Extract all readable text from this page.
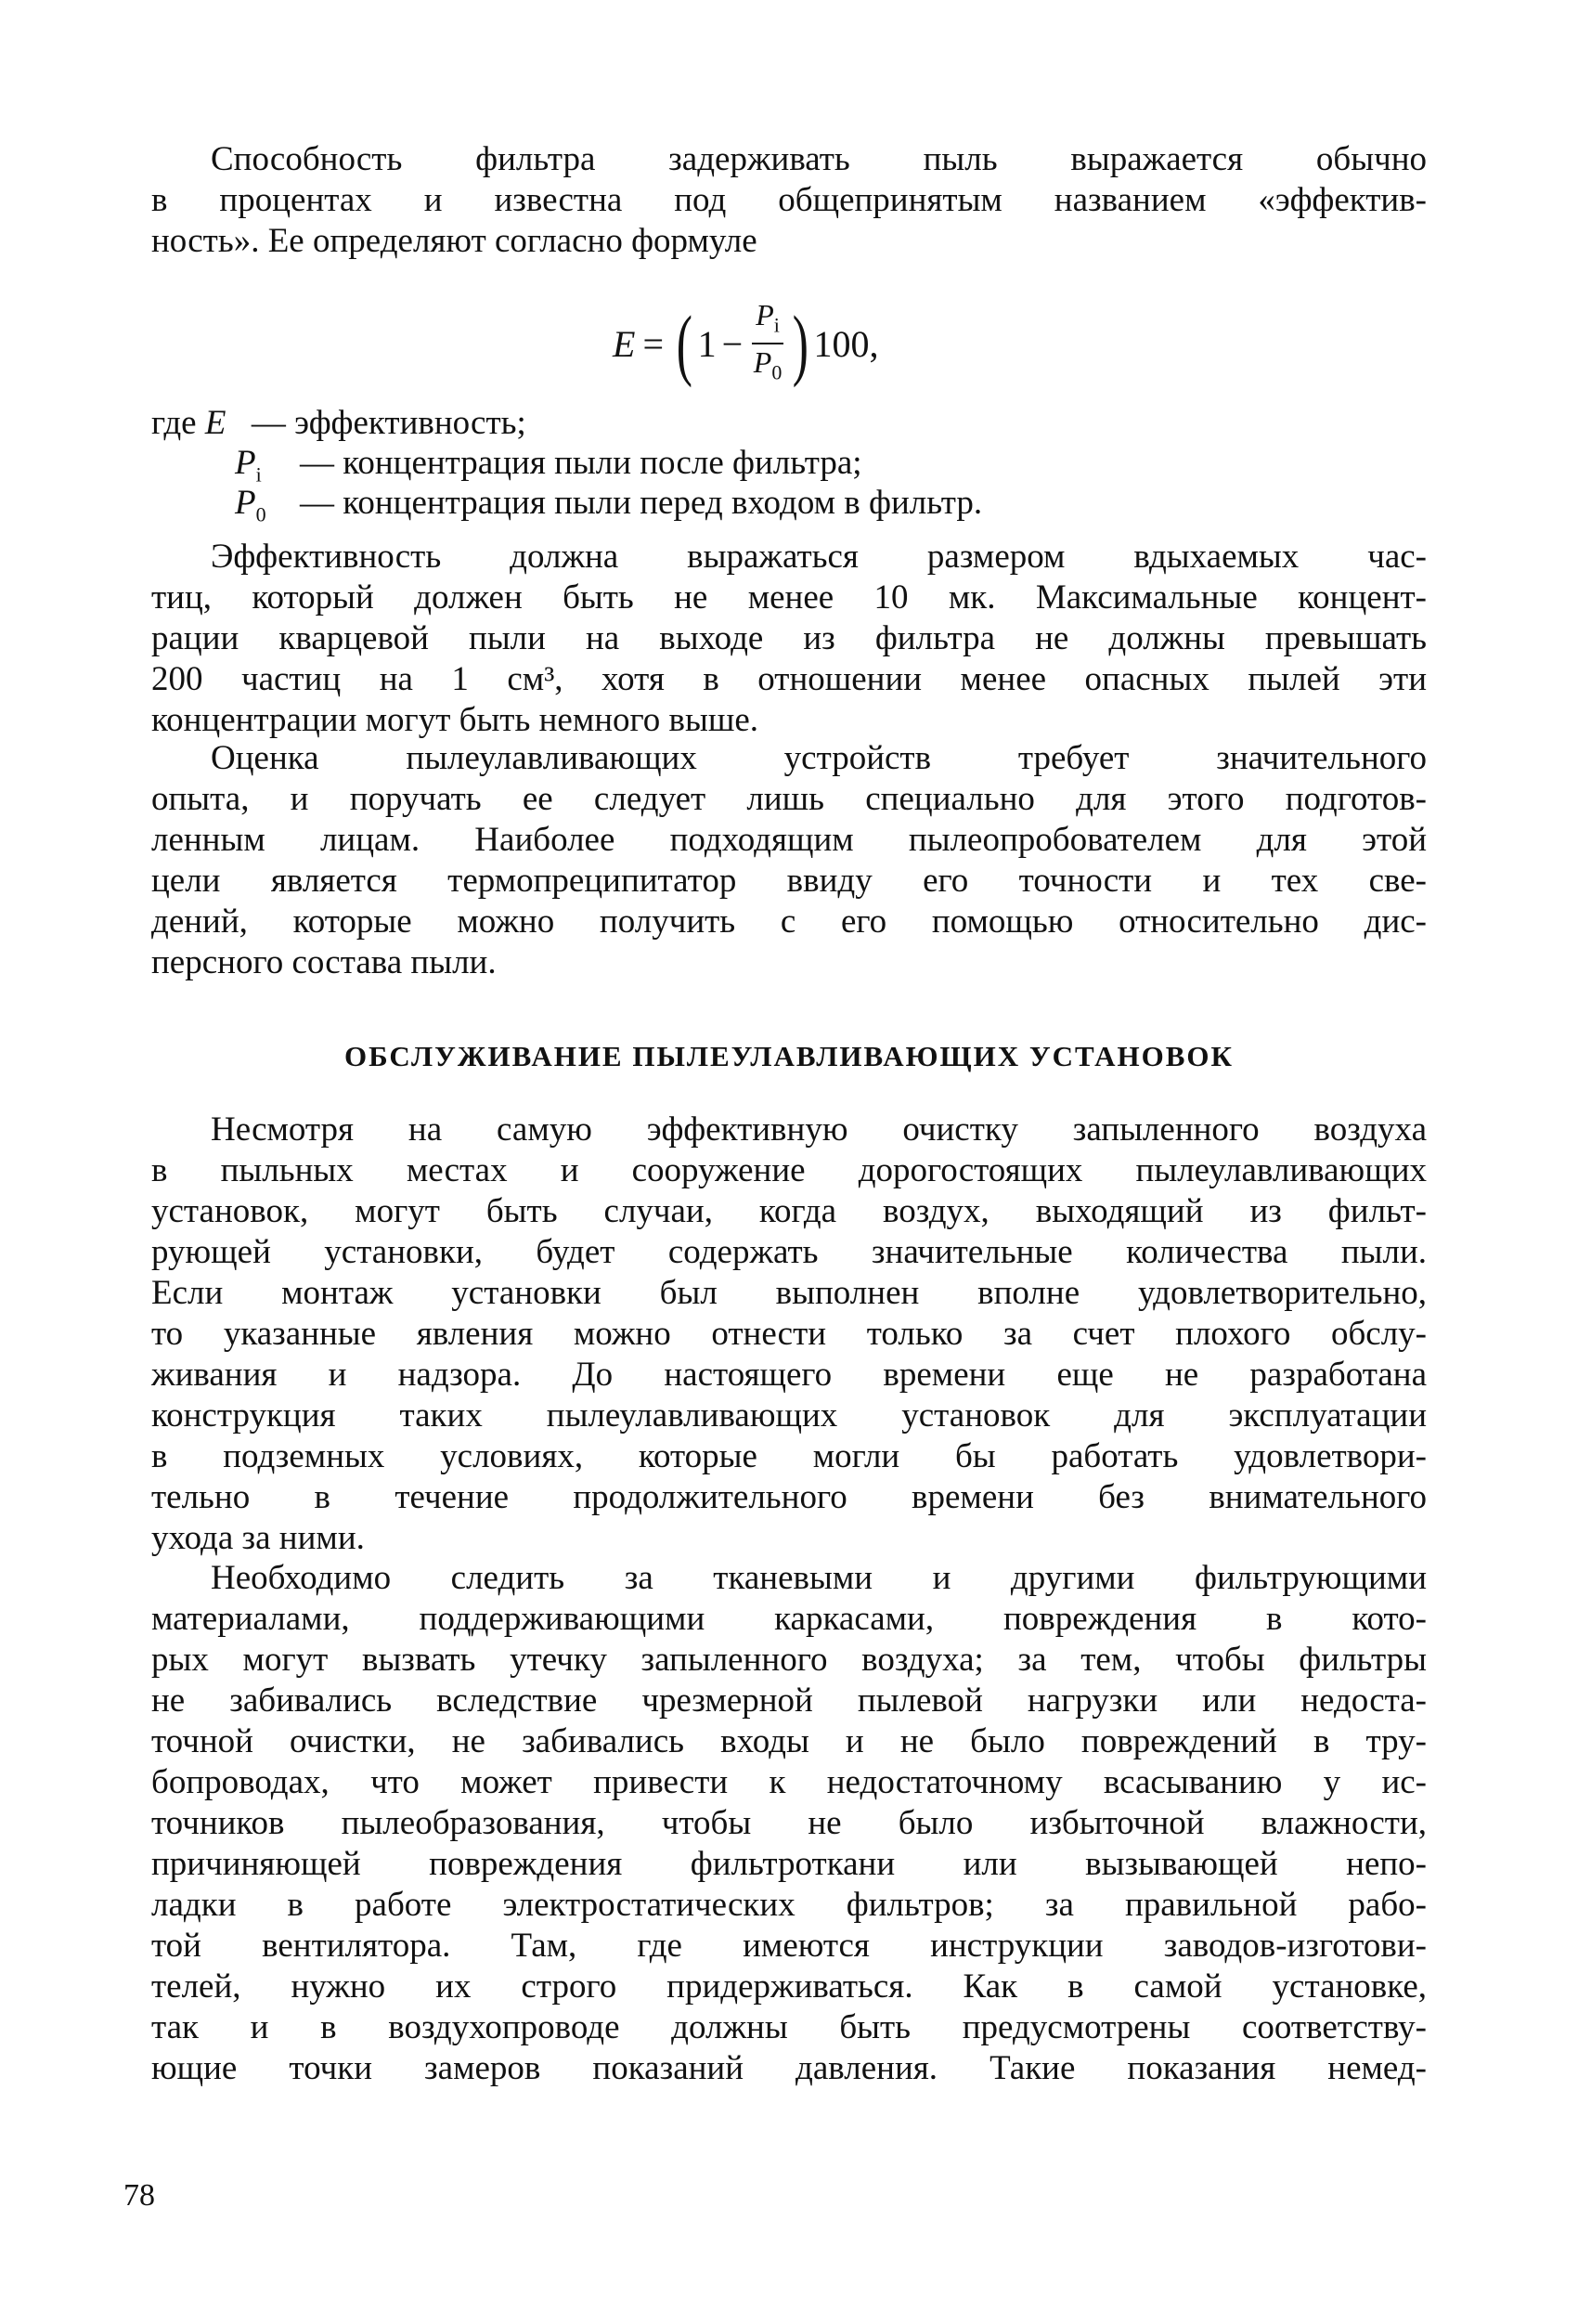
Способность фильтра задерживать пыль выражается обычно
в процентах и известна под общепринятым названием «эффектив-
ность». Ее определяют согласно формуле
E = ( $1 - \frac{P_i}{P_0}$ ) 100,
где E — эффективность;
$P_i$ — концентрация пыли после фильтра;
$P_0$ — концентрация пыли перед входом в фильтр.
Эффективность должна выражаться размером вдыхаемых час-
тиц, который должен быть не менее 10 мк. Максимальные концент-
рации кварцевой пыли на выходе из фильтра не должны превышать
200 частиц на 1 см³, хотя в отношении менее опасных пылей эти
концентрации могут быть немного выше.
Оценка пылеулавливающих устройств требует значительного
опыта, и поручать ее следует лишь специально для этого подготов-
ленным лицам. Наиболее подходящим пылеопробователем для этой
цели является термопреципитатор ввиду его точности и тех све-
дений, которые можно получить с его помощью относительно дис-
персного состава пыли.
ОБСЛУЖИВАНИЕ ПЫЛЕУЛАВЛИВАЮЩИХ УСТАНОВОК
Несмотря на самую эффективную очистку запыленного воздуха
в пыльных местах и сооружение дорогостоящих пылеулавливающих
установок, могут быть случаи, когда воздух, выходящий из фильт-
рующей установки, будет содержать значительные количества пыли.
Если монтаж установки был выполнен вполне удовлетворительно,
то указанные явления можно отнести только за счет плохого обслу-
живания и надзора. До настоящего времени еще не разработана
конструкция таких пылеулавливающих установок для эксплуатации
в подземных условиях, которые могли бы работать удовлетвори-
тельно в течение продолжительного времени без внимательного
ухода за ними.
Необходимо следить за тканевыми и другими фильтрующими
материалами, поддерживающими каркасами, повреждения в кото-
рых могут вызвать утечку запыленного воздуха; за тем, чтобы фильтры
не забивались вследствие чрезмерной пылевой нагрузки или недоста-
точной очистки, не забивались входы и не было повреждений в тру-
бопроводах, что может привести к недостаточному всасыванию у ис-
точников пылеобразования, чтобы не было избыточной влажности,
причиняющей повреждения фильтроткани или вызывающей непо-
ладки в работе электростатических фильтров; за правильной рабо-
той вентилятора. Там, где имеются инструкции заводов-изготови-
телей, нужно их строго придерживаться. Как в самой установке,
так и в воздухопроводе должны быть предусмотрены соответству-
ющие точки замеров показаний давления. Такие показания немед-
78
